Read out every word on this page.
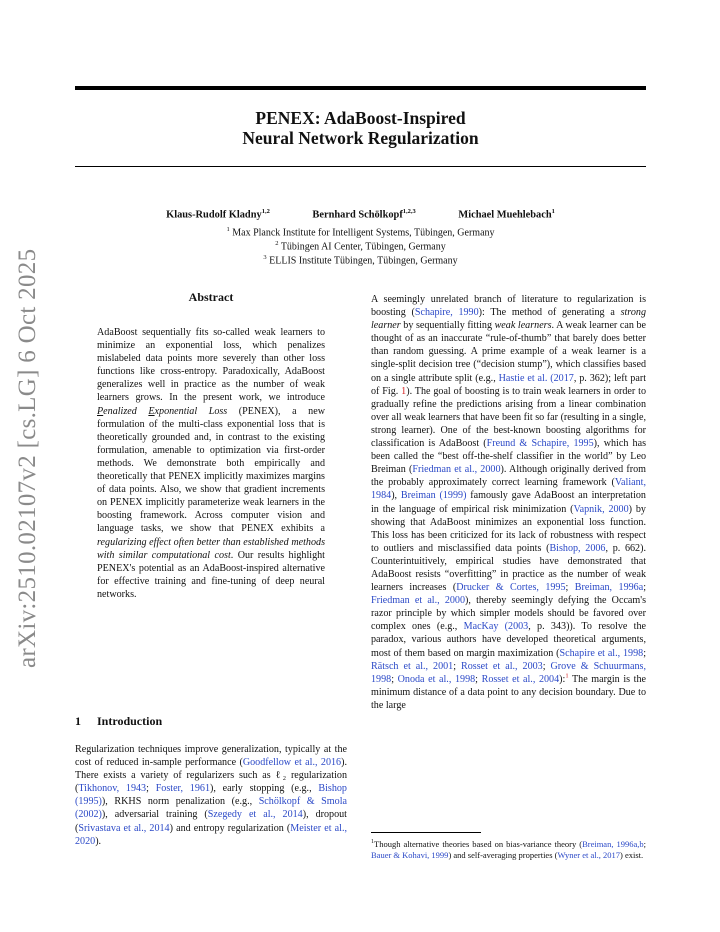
arXiv:2510.02107v2 [cs.LG] 6 Oct 2025
PENEX: AdaBoost-Inspired
Neural Network Regularization
Klaus-Rudolf Kladny$^{1,2}$	Bernhard Schölkopf$^{1,2,3}$	Michael Muehlebach$^1$
$^1$ Max Planck Institute for Intelligent Systems, Tübingen, Germany
$^2$ Tübingen AI Center, Tübingen, Germany
$^3$ ELLIS Institute Tübingen, Tübingen, Germany
Abstract

AdaBoost sequentially fits so-called weak learners to minimize an exponential loss, which penalizes mislabeled data points more severely than other loss functions like cross-entropy. Paradoxically, AdaBoost generalizes well in practice as the number of weak learners grows. In the present work, we introduce Penalized Exponential Loss (PENEX), a new formulation of the multi-class exponential loss that is theoretically grounded and, in contrast to the existing formulation, amenable to optimization via first-order methods. We demonstrate both empirically and theoretically that PENEX implicitly maximizes margins of data points. Also, we show that gradient increments on PENEX implicitly parameterize weak learners in the boosting framework. Across computer vision and language tasks, we show that PENEX exhibits a regularizing effect often better than established methods with similar computational cost. Our results highlight PENEX's potential as an AdaBoost-inspired alternative for effective training and fine-tuning of deep neural networks.

1 Introduction

Regularization techniques improve generalization, typically at the cost of reduced in-sample performance (Goodfellow et al., 2016). There exists a variety of regularizers such as ℓ₂ regularization (Tikhonov, 1943; Foster, 1961), early stopping (e.g., Bishop (1995)), RKHS norm penalization (e.g., Schölkopf & Smola (2002)), adversarial training (Szegedy et al., 2014), dropout (Srivastava et al., 2014) and entropy regularization (Meister et al., 2020).

A seemingly unrelated branch of literature to regularization is boosting (Schapire, 1990): The method of generating a strong learner by sequentially fitting weak learners. A weak learner can be thought of as an inaccurate “rule-of-thumb” that barely does better than random guessing. A prime example of a weak learner is a single-split decision tree (“decision stump”), which classifies based on a single attribute split (e.g., Hastie et al. (2017, p. 362); left part of Fig. 1). The goal of boosting is to train weak learners in order to gradually refine the predictions arising from a linear combination over all weak learners that have been fit so far (resulting in a single, strong learner). One of the best-known boosting algorithms for classification is AdaBoost (Freund & Schapire, 1995), which has been called the “best off-the-shelf classifier in the world” by Leo Breiman (Friedman et al., 2000). Although originally derived from the probably approximately correct learning framework (Valiant, 1984), Breiman (1999) famously gave AdaBoost an interpretation in the language of empirical risk minimization (Vapnik, 2000) by showing that AdaBoost minimizes an exponential loss function. This loss has been criticized for its lack of robustness with respect to outliers and misclassified data points (Bishop, 2006, p. 662). Counterintuitively, empirical studies have demonstrated that AdaBoost resists “overfitting” in practice as the number of weak learners increases (Drucker & Cortes, 1995; Breiman, 1996a; Friedman et al., 2000), thereby seemingly defying the Occam's razor principle by which simpler models should be favored over complex ones (e.g., MacKay (2003, p. 343)). To resolve the paradox, various authors have developed theoretical arguments, most of them based on margin maximization (Schapire et al., 1998; Rätsch et al., 2001; Rosset et al., 2003; Grove & Schuurmans, 1998; Onoda et al., 1998; Rosset et al., 2004):$^1$ The margin is the minimum distance of a data point to any decision boundary. Due to the large

$^1$Though alternative theories based on bias-variance theory (Breiman, 1996a,b; Bauer & Kohavi, 1999) and self-averaging properties (Wyner et al., 2017) exist.
